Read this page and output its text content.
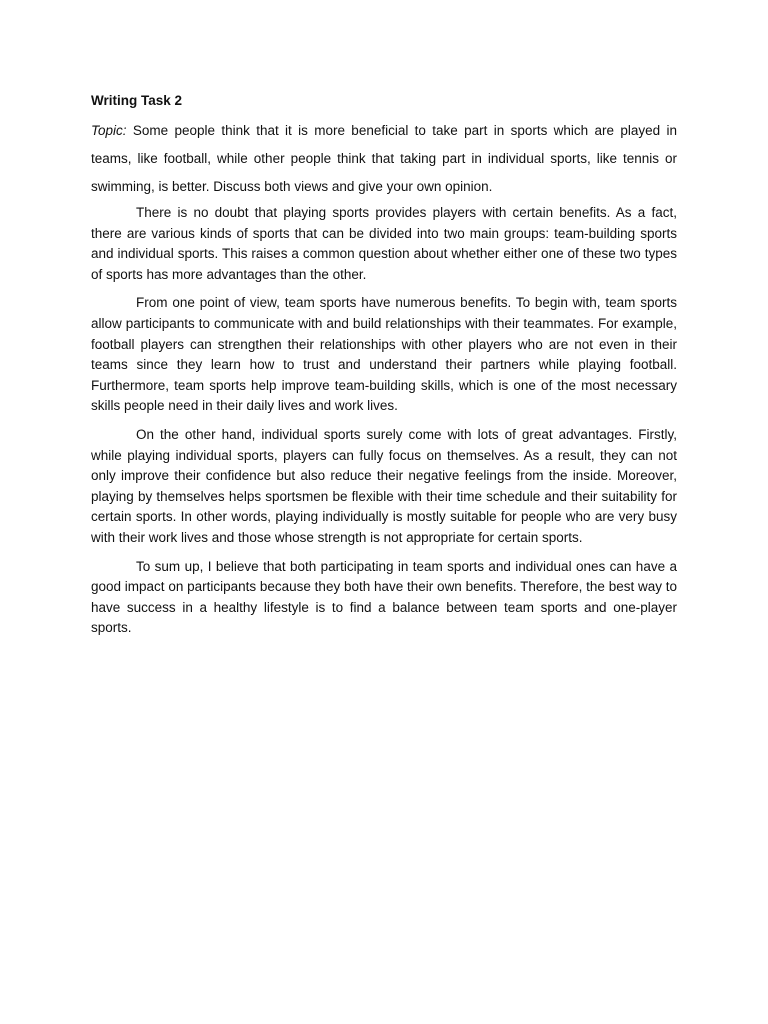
Writing Task 2

Topic: Some people think that it is more beneficial to take part in sports which are played in teams, like football, while other people think that taking part in individual sports, like tennis or swimming, is better. Discuss both views and give your own opinion.

There is no doubt that playing sports provides players with certain benefits. As a fact, there are various kinds of sports that can be divided into two main groups: team-building sports and individual sports. This raises a common question about whether either one of these two types of sports has more advantages than the other.

From one point of view, team sports have numerous benefits. To begin with, team sports allow participants to communicate with and build relationships with their teammates. For example, football players can strengthen their relationships with other players who are not even in their teams since they learn how to trust and understand their partners while playing football. Furthermore, team sports help improve team-building skills, which is one of the most necessary skills people need in their daily lives and work lives.

On the other hand, individual sports surely come with lots of great advantages. Firstly, while playing individual sports, players can fully focus on themselves. As a result, they can not only improve their confidence but also reduce their negative feelings from the inside. Moreover, playing by themselves helps sportsmen be flexible with their time schedule and their suitability for certain sports. In other words, playing individually is mostly suitable for people who are very busy with their work lives and those whose strength is not appropriate for certain sports.

To sum up, I believe that both participating in team sports and individual ones can have a good impact on participants because they both have their own benefits. Therefore, the best way to have success in a healthy lifestyle is to find a balance between team sports and one-player sports.
